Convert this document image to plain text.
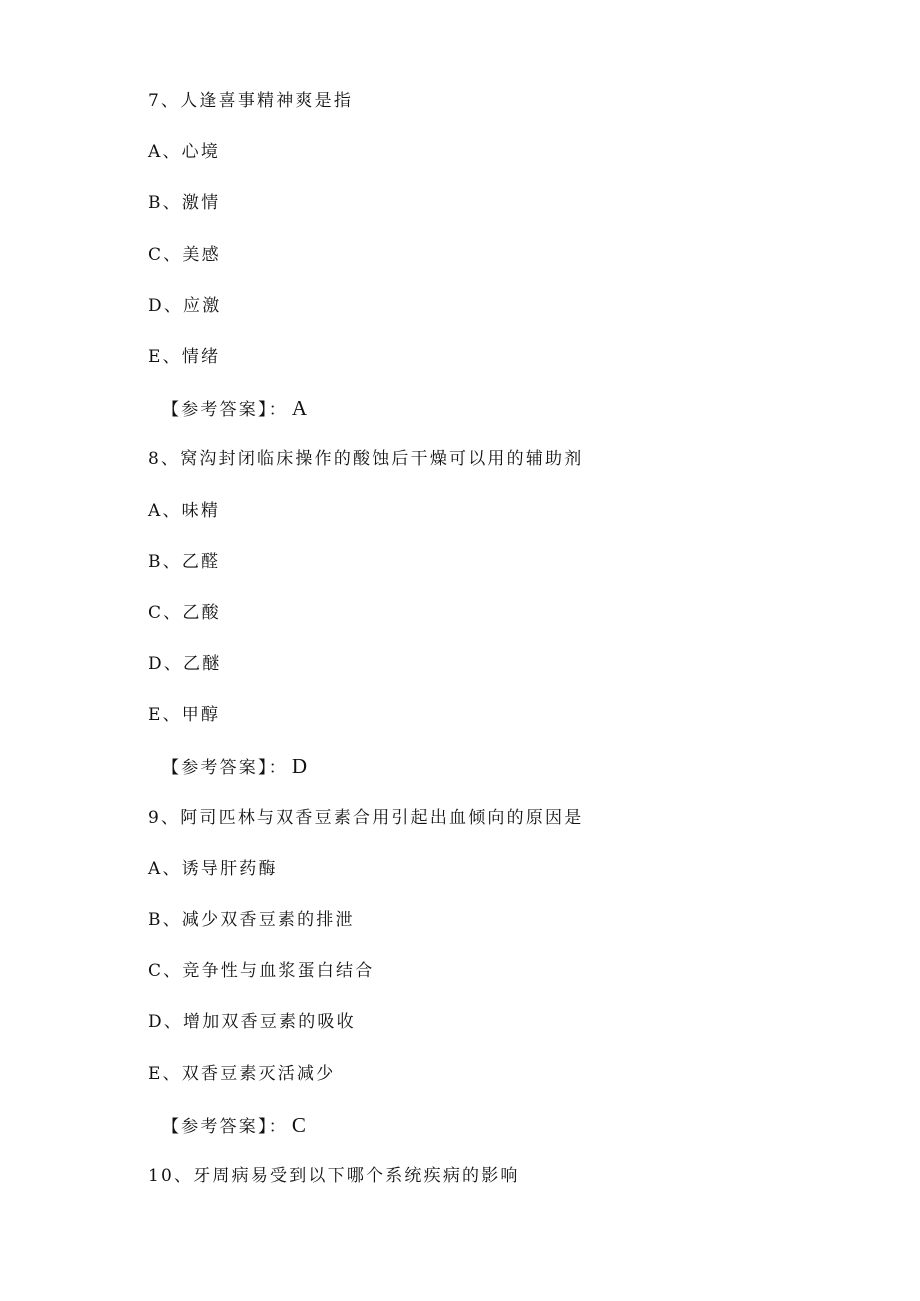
7、人逢喜事精神爽是指
A、心境
B、激情
C、美感
D、应激
E、情绪
【参考答案】： A
8、窝沟封闭临床操作的酸蚀后干燥可以用的辅助剂
A、味精
B、乙醛
C、乙酸
D、乙醚
E、甲醇
【参考答案】： D
9、阿司匹林与双香豆素合用引起出血倾向的原因是
A、诱导肝药酶
B、减少双香豆素的排泄
C、竞争性与血浆蛋白结合
D、增加双香豆素的吸收
E、双香豆素灭活减少
【参考答案】： C
10、牙周病易受到以下哪个系统疾病的影响
